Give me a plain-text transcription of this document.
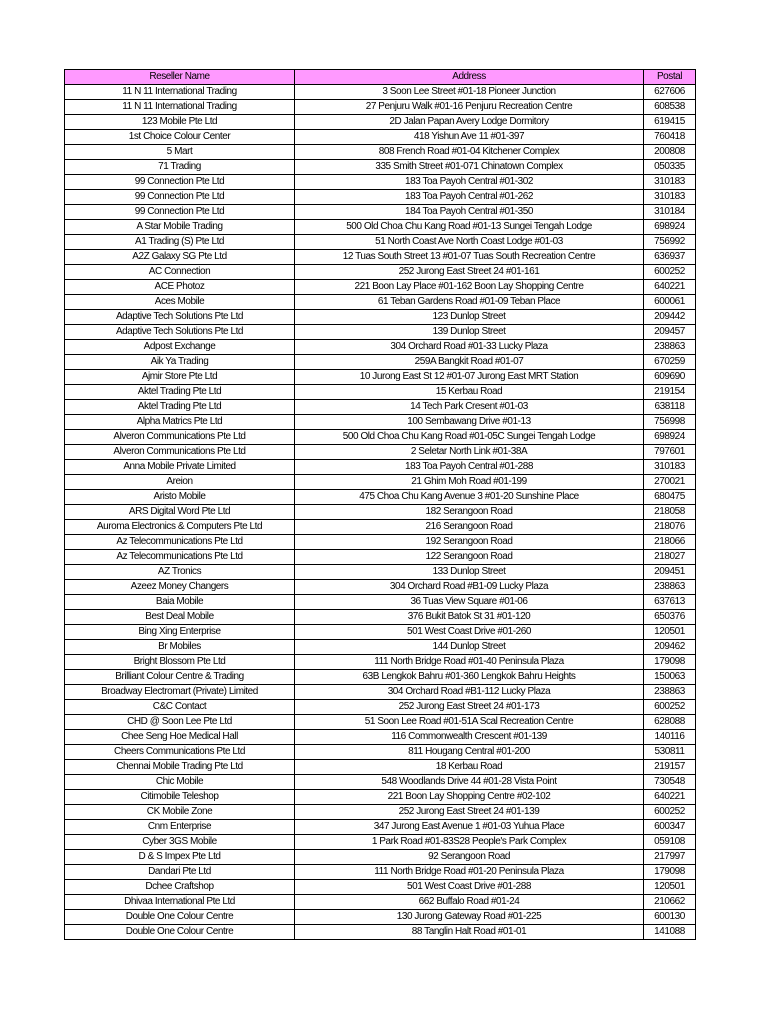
Reseller Name	Address	Postal
11 N 11 International Trading	3 Soon Lee Street #01-18 Pioneer Junction	627606
11 N 11 International Trading	27 Penjuru Walk #01-16 Penjuru Recreation Centre	608538
123 Mobile Pte Ltd	2D Jalan Papan Avery Lodge Dormitory	619415
1st Choice Colour Center	418 Yishun Ave 11 #01-397	760418
5 Mart	808 French Road #01-04 Kitchener Complex	200808
71 Trading	335 Smith Street #01-071 Chinatown Complex	050335
99 Connection Pte Ltd	183 Toa Payoh Central #01-302	310183
99 Connection Pte Ltd	183 Toa Payoh Central #01-262	310183
99 Connection Pte Ltd	184 Toa Payoh Central #01-350	310184
A Star Mobile Trading	500 Old Choa Chu Kang Road #01-13 Sungei Tengah Lodge	698924
A1 Trading (S) Pte Ltd	51 North Coast Ave North Coast Lodge #01-03	756992
A2Z Galaxy SG Pte Ltd	12 Tuas South Street 13 #01-07 Tuas South Recreation Centre	636937
AC Connection	252 Jurong East Street 24 #01-161	600252
ACE Photoz	221 Boon Lay Place #01-162 Boon Lay Shopping Centre	640221
Aces Mobile	61 Teban Gardens Road #01-09 Teban Place	600061
Adaptive Tech Solutions Pte Ltd	123 Dunlop Street	209442
Adaptive Tech Solutions Pte Ltd	139 Dunlop Street	209457
Adpost Exchange	304 Orchard Road #01-33 Lucky Plaza	238863
Aik Ya Trading	259A Bangkit Road #01-07	670259
Ajmir Store Pte Ltd	10 Jurong East St 12 #01-07 Jurong East MRT Station	609690
Aktel Trading Pte Ltd	15 Kerbau Road	219154
Aktel Trading Pte Ltd	14 Tech Park Cresent #01-03	638118
Alpha Matrics Pte Ltd	100 Sembawang Drive #01-13	756998
Alveron Communications Pte Ltd	500 Old Choa Chu Kang Road #01-05C Sungei Tengah Lodge	698924
Alveron Communications Pte Ltd	2 Seletar North Link #01-38A	797601
Anna Mobile Private Limited	183 Toa Payoh Central #01-288	310183
Areion	21 Ghim Moh Road #01-199	270021
Aristo Mobile	475 Choa Chu Kang Avenue 3 #01-20 Sunshine Place	680475
ARS Digital Word Pte Ltd	182 Serangoon Road	218058
Auroma Electronics & Computers Pte Ltd	216 Serangoon Road	218076
Az Telecommunications Pte Ltd	192 Serangoon Road	218066
Az Telecommunications Pte Ltd	122 Serangoon Road	218027
AZ Tronics	133 Dunlop Street	209451
Azeez Money Changers	304 Orchard Road #B1-09 Lucky Plaza	238863
Baia Mobile	36 Tuas View Square #01-06	637613
Best Deal Mobile	376 Bukit Batok St 31 #01-120	650376
Bing Xing Enterprise	501 West Coast Drive #01-260	120501
Br Mobiles	144 Dunlop Street	209462
Bright Blossom Pte Ltd	111 North Bridge Road #01-40 Peninsula Plaza	179098
Brilliant Colour Centre & Trading	63B Lengkok Bahru #01-360 Lengkok Bahru Heights	150063
Broadway Electromart (Private) Limited	304 Orchard Road #B1-112 Lucky Plaza	238863
C&C Contact	252 Jurong East Street 24 #01-173	600252
CHD @ Soon Lee Pte Ltd	51 Soon Lee Road #01-51A Scal Recreation Centre	628088
Chee Seng Hoe Medical Hall	116 Commonwealth Crescent #01-139	140116
Cheers Communications Pte Ltd	811 Hougang Central #01-200	530811
Chennai Mobile Trading Pte Ltd	18 Kerbau Road	219157
Chic Mobile	548 Woodlands Drive 44 #01-28 Vista Point	730548
Citimobile Teleshop	221 Boon Lay Shopping Centre #02-102	640221
CK Mobile Zone	252 Jurong East Street 24 #01-139	600252
Cnm Enterprise	347 Jurong East Avenue 1 #01-03 Yuhua Place	600347
Cyber 3GS Mobile	1 Park Road #01-83S28 People's Park Complex	059108
D & S Impex Pte Ltd	92 Serangoon Road	217997
Dandari Pte Ltd	111 North Bridge Road #01-20 Peninsula Plaza	179098
Dchee Craftshop	501 West Coast Drive #01-288	120501
Dhivaa International Pte Ltd	662 Buffalo Road #01-24	210662
Double One Colour Centre	130 Jurong Gateway Road #01-225	600130
Double One Colour Centre	88 Tanglin Halt Road #01-01	141088
